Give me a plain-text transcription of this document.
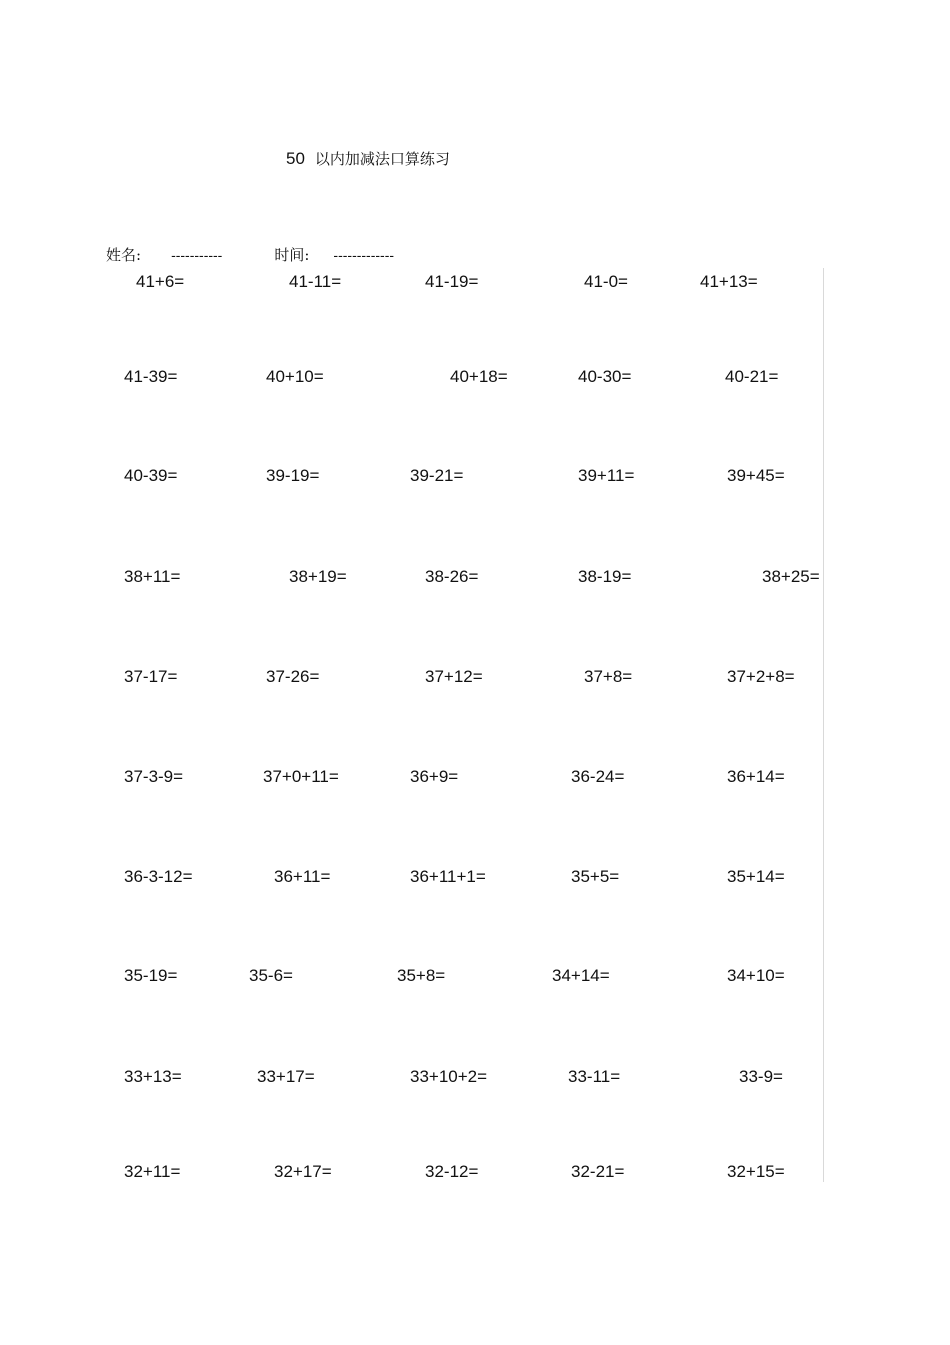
50 以内加减法口算练习
姓名: -----------	时间: -------------
41+6=	41-11=	41-19=	41-0=	41+13=
41-39=	40+10=	40+18=	40-30=	40-21=
40-39=	39-19=	39-21=	39+11=	39+45=
38+11=	38+19=	38-26=	38-19=	38+25=
37-17=	37-26=	37+12=	37+8=	37+2+8=
37-3-9=	37+0+11=	36+9=	36-24=	36+14=
36-3-12=	36+11=	36+11+1=	35+5=	35+14=
35-19=	35-6=	35+8=	34+14=	34+10=
33+13=	33+17=	33+10+2=	33-11=	33-9=
32+11=	32+17=	32-12=	32-21=	32+15=
